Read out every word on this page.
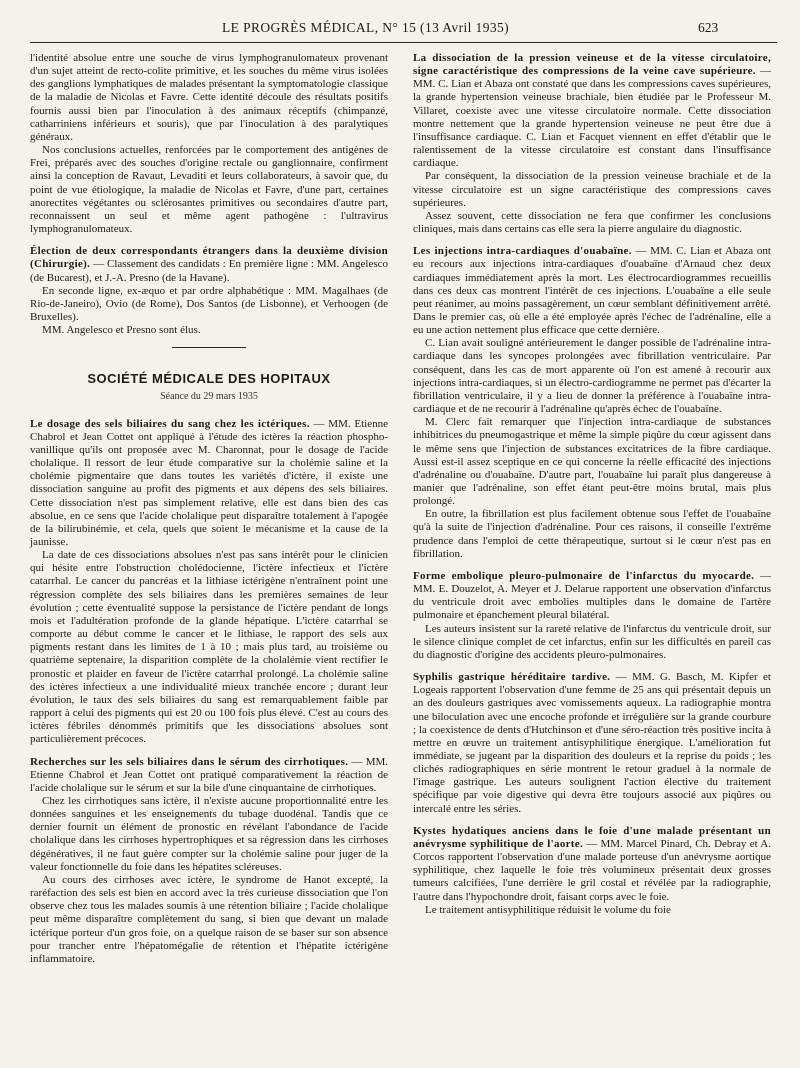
LE PROGRÈS MÉDICAL, N° 15 (13 Avril 1935)	623

l'identité absolue entre une souche de virus lymphogranulomateux provenant d'un sujet atteint de recto-colite primitive, et les souches du même virus isolées des ganglions lymphatiques de malades présentant la symptomatologie classique de la maladie de Nicolas et Favre. Cette identité découle des résultats positifs fournis aussi bien par l'inoculation à des animaux réceptifs (chimpanzé, catharriniens inférieurs et souris), que par l'inoculation à des paralytiques généraux.

Nos conclusions actuelles, renforcées par le comportement des antigènes de Frei, préparés avec des souches d'origine rectale ou ganglionnaire, confirment ainsi la conception de Ravaut, Levaditi et leurs collaborateurs, à savoir que, du point de vue étiologique, la maladie de Nicolas et Favre, d'une part, certaines anorectites végétantes ou sclérosantes primitives ou secondaires d'autre part, reconnaissent un seul et même agent pathogène : l'ultravirus lymphogranulomateux.

Élection de deux correspondants étrangers dans la deuxième division (Chirurgie). — Classement des candidats : En première ligne : MM. Angelesco (de Bucarest), et J.-A. Presno (de la Havane).

En seconde ligne, ex-æquo et par ordre alphabétique : MM. Magalhaes (de Rio-de-Janeiro), Ovio (de Rome), Dos Santos (de Lisbonne), et Verhoogen (de Bruxelles).

MM. Angelesco et Presno sont élus.

SOCIÉTÉ MÉDICALE DES HOPITAUX
Séance du 29 mars 1935

Le dosage des sels biliaires du sang chez les ictériques. — MM. Etienne Chabrol et Jean Cottet ont appliqué à l'étude des ictères la réaction phospho-vanillique qu'ils ont proposée avec M. Charonnat, pour le dosage de l'acide cholalique. Il ressort de leur étude comparative sur la cholémie saline et la cholémie pigmentaire que dans toutes les variétés d'ictère, il existe une dissociation sanguine au profit des pigments et aux dépens des sels biliaires. Cette dissociation n'est pas simplement relative, elle est dans bien des cas absolue, en ce sens que l'acide cholalique peut disparaître totalement à l'apogée de la bilirubinémie, et cela, quels que soient le mécanisme et la cause de la jaunisse.

La date de ces dissociations absolues n'est pas sans intérêt pour le clinicien qui hésite entre l'obstruction cholédocienne, l'ictère infectieux et l'ictère catarrhal. Le cancer du pancréas et la lithiase ictérigène n'entraînent point une régression complète des sels biliaires dans les premières semaines de leur évolution ; cette éventualité suppose la persistance de l'ictère pendant de longs mois et l'adultération profonde de la glande hépatique. L'ictère catarrhal se comporte au début comme le cancer et le lithiase, le rapport des sels aux pigments restant dans les limites de 1 à 10 ; mais plus tard, au troisième ou quatrième septenaire, la disparition complète de la cholalémie vient rectifier le pronostic et plaider en faveur de l'ictère catarrhal prolongé. La cholémie saline des ictères infectieux a une individualité mieux tranchée encore ; durant leur évolution, le taux des sels biliaires du sang est remarquablement faible par rapport à celui des pigments qui est 20 ou 100 fois plus élevé. C'est au cours des ictères fébriles dénommés primitifs que les dissociations absolues sont particulièrement précoces.

Recherches sur les sels biliaires dans le sérum des cirrhotiques. — MM. Etienne Chabrol et Jean Cottet ont pratiqué comparativement la réaction de l'acide cholalique sur le sérum et sur la bile d'une cinquantaine de cirrhotiques.

Chez les cirrhotiques sans ictère, il n'existe aucune proportionnalité entre les données sanguines et les enseignements du tubage duodénal. Tandis que ce dernier fournit un élément de pronostic en révélant l'abondance de l'acide cholalique dans les cirrhoses hypertrophiques et sa régression dans les cirrhoses dégénératives, il ne faut guère compter sur la cholémie saline pour juger de la valeur fonctionnelle du foie dans les hépatites scléreuses.

Au cours des cirrhoses avec ictère, le syndrome de Hanot excepté, la raréfaction des sels est bien en accord avec la très curieuse dissociation que l'on observe chez tous les malades soumis à une rétention biliaire ; l'acide cholalique peut même disparaître complètement du sang, si bien que devant un malade ictérique porteur d'un gros foie, on a quelque raison de se baser sur son absence pour trancher entre l'hépatomégalie de rétention et l'hépatite ictérigène inflammatoire.

La dissociation de la pression veineuse et de la vitesse circulatoire, signe caractéristique des compressions de la veine cave supérieure. — MM. C. Lian et Abaza ont constaté que dans les compressions caves supérieures, la grande hypertension veineuse brachiale, bien étudiée par le Professeur M. Villaret, coexiste avec une vitesse circulatoire normale. Cette dissociation montre nettement que la grande hypertension veineuse ne peut être due à l'insuffisance cardiaque. C. Lian et Facquet viennent en effet d'établir que le ralentissement de la vitesse circulatoire est constant dans l'insuffisance cardiaque.

Par conséquent, la dissociation de la pression veineuse brachiale et de la vitesse circulatoire est un signe caractéristique des compressions caves supérieures.

Assez souvent, cette dissociation ne fera que confirmer les conclusions cliniques, mais dans certains cas elle sera la pierre angulaire du diagnostic.

Les injections intra-cardiaques d'ouabaïne. — MM. C. Lian et Abaza ont eu recours aux injections intra-cardiaques d'ouabaïne d'Arnaud chez deux cardiaques immédiatement après la mort. Les électrocardiogrammes recueillis dans ces deux cas montrent l'intérêt de ces injections. L'ouabaïne a elle seule peut réanimer, au moins passagèrement, un cœur semblant définitivement arrêté. Dans le premier cas, où elle a été employée après l'échec de l'adrénaline, elle a eu une action nettement plus efficace que cette dernière.

C. Lian avait souligné antérieurement le danger possible de l'adrénaline intra-cardiaque dans les syncopes prolongées avec fibrillation ventriculaire. Par conséquent, dans les cas de mort apparente où l'on est amené à recourir aux injections intra-cardiaques, si un électro-cardiogramme ne permet pas d'écarter la fibrillation ventriculaire, il y a lieu de donner la préférence à l'ouabaïne intra-cardiaque et de ne recourir à l'adrénaline qu'après échec de l'ouabaïne.

M. Clerc fait remarquer que l'injection intra-cardiaque de substances inhibitrices du pneumogastrique et même la simple piqûre du cœur agissent dans le même sens que l'injection de substances excitatrices de la fibre cardiaque. Aussi est-il assez sceptique en ce qui concerne la réelle efficacité des injections d'adrénaline ou d'ouabaïne. D'autre part, l'ouabaïne lui paraît plus dangereuse à manier que l'adrénaline, son effet étant peut-être moins brutal, mais plus prolongé.

En outre, la fibrillation est plus facilement obtenue sous l'effet de l'ouabaïne qu'à la suite de l'injection d'adrénaline. Pour ces raisons, il conseille l'extrême prudence dans l'emploi de cette thérapeutique, surtout si le cœur n'est pas en fibrillation.

Forme embolique pleuro-pulmonaire de l'infarctus du myocarde. — MM. E. Douzelot, A. Meyer et J. Delarue rapportent une observation d'infarctus du ventricule droit avec embolies multiples dans le domaine de l'artère pulmonaire et épanchement pleural bilatéral.

Les auteurs insistent sur la rareté relative de l'infarctus du ventricule droit, sur le silence clinique complet de cet infarctus, enfin sur les difficultés en pareil cas du diagnostic d'origine des accidents pleuro-pulmonaires.

Syphilis gastrique héréditaire tardive. — MM. G. Basch, M. Kipfer et Logeais rapportent l'observation d'une femme de 25 ans qui présentait depuis un an des douleurs gastriques avec vomissements aqueux. La radiographie montra une biloculation avec une encoche profonde et irrégulière sur la grande courbure ; la coexistence de dents d'Hutchinson et d'une séro-réaction très positive incita à mettre en œuvre un traitement antisyphilitique énergique. L'amélioration fut immédiate, se jugeant par la disparition des douleurs et la reprise du poids ; les clichés radiographiques en série montrent le retour graduel à la normale de l'image gastrique. Les auteurs soulignent l'action élective du traitement spécifique par voie digestive qui devra être toujours associé aux piqûres ou intercalé entre les séries.

Kystes hydatiques anciens dans le foie d'une malade présentant un anévrysme syphilitique de l'aorte. — MM. Marcel Pinard, Ch. Debray et A. Corcos rapportent l'observation d'une malade porteuse d'un anévrysme aortique syphilitique, chez laquelle le foie très volumineux présentait deux grosses tumeurs calcifiées, l'une derrière le gril costal et révélée par la radiographie, l'autre dans l'hypochondre droit, faisant corps avec le foie.

Le traitement antisyphilitique réduisit le volume du foie
